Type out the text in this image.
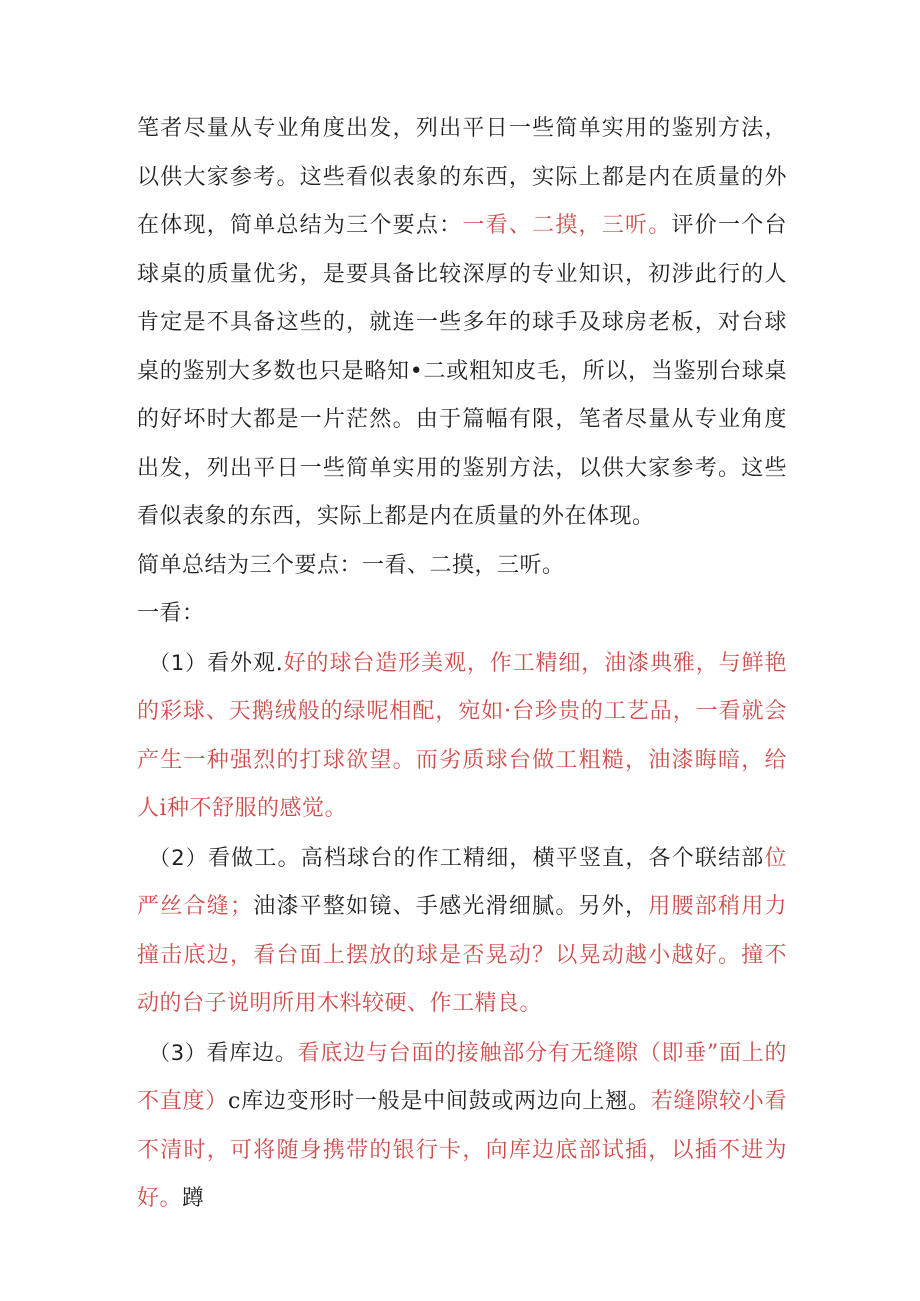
笔者尽量从专业角度出发，列出平日一些简单实用的鉴别方法，以供大家参考。这些看似表象的东西，实际上都是内在质量的外在体现，简单总结为三个要点：一看、二摸，三听。评价一个台球桌的质量优劣，是要具备比较深厚的专业知识，初涉此行的人肯定是不具备这些的，就连一些多年的球手及球房老板，对台球桌的鉴别大多数也只是略知•二或粗知皮毛，所以，当鉴别台球桌的好坏时大都是一片茫然。由于篇幅有限，笔者尽量从专业角度出发，列出平日一些简单实用的鉴别方法，以供大家参考。这些看似表象的东西，实际上都是内在质量的外在体现。

简单总结为三个要点：一看、二摸，三听。

一看：

（1）看外观.好的球台造形美观，作工精细，油漆典雅，与鲜艳的彩球、天鹅绒般的绿呢相配，宛如·台珍贵的工艺品，一看就会产生一种强烈的打球欲望。而劣质球台做工粗糙，油漆晦暗，给人i种不舒服的感觉。

（2）看做工。高档球台的作工精细，横平竖直，各个联结部位严丝合缝；油漆平整如镜、手感光滑细腻。另外，用腰部稍用力撞击底边，看台面上摆放的球是否晃动？以晃动越小越好。撞不动的台子说明所用木料较硬、作工精良。

（3）看库边。看底边与台面的接触部分有无缝隙（即垂”面上的不直度）c库边变形时一般是中间鼓或两边向上翘。若缝隙较小看不清时，可将随身携带的银行卡，向库边底部试插，以插不进为好。蹲
